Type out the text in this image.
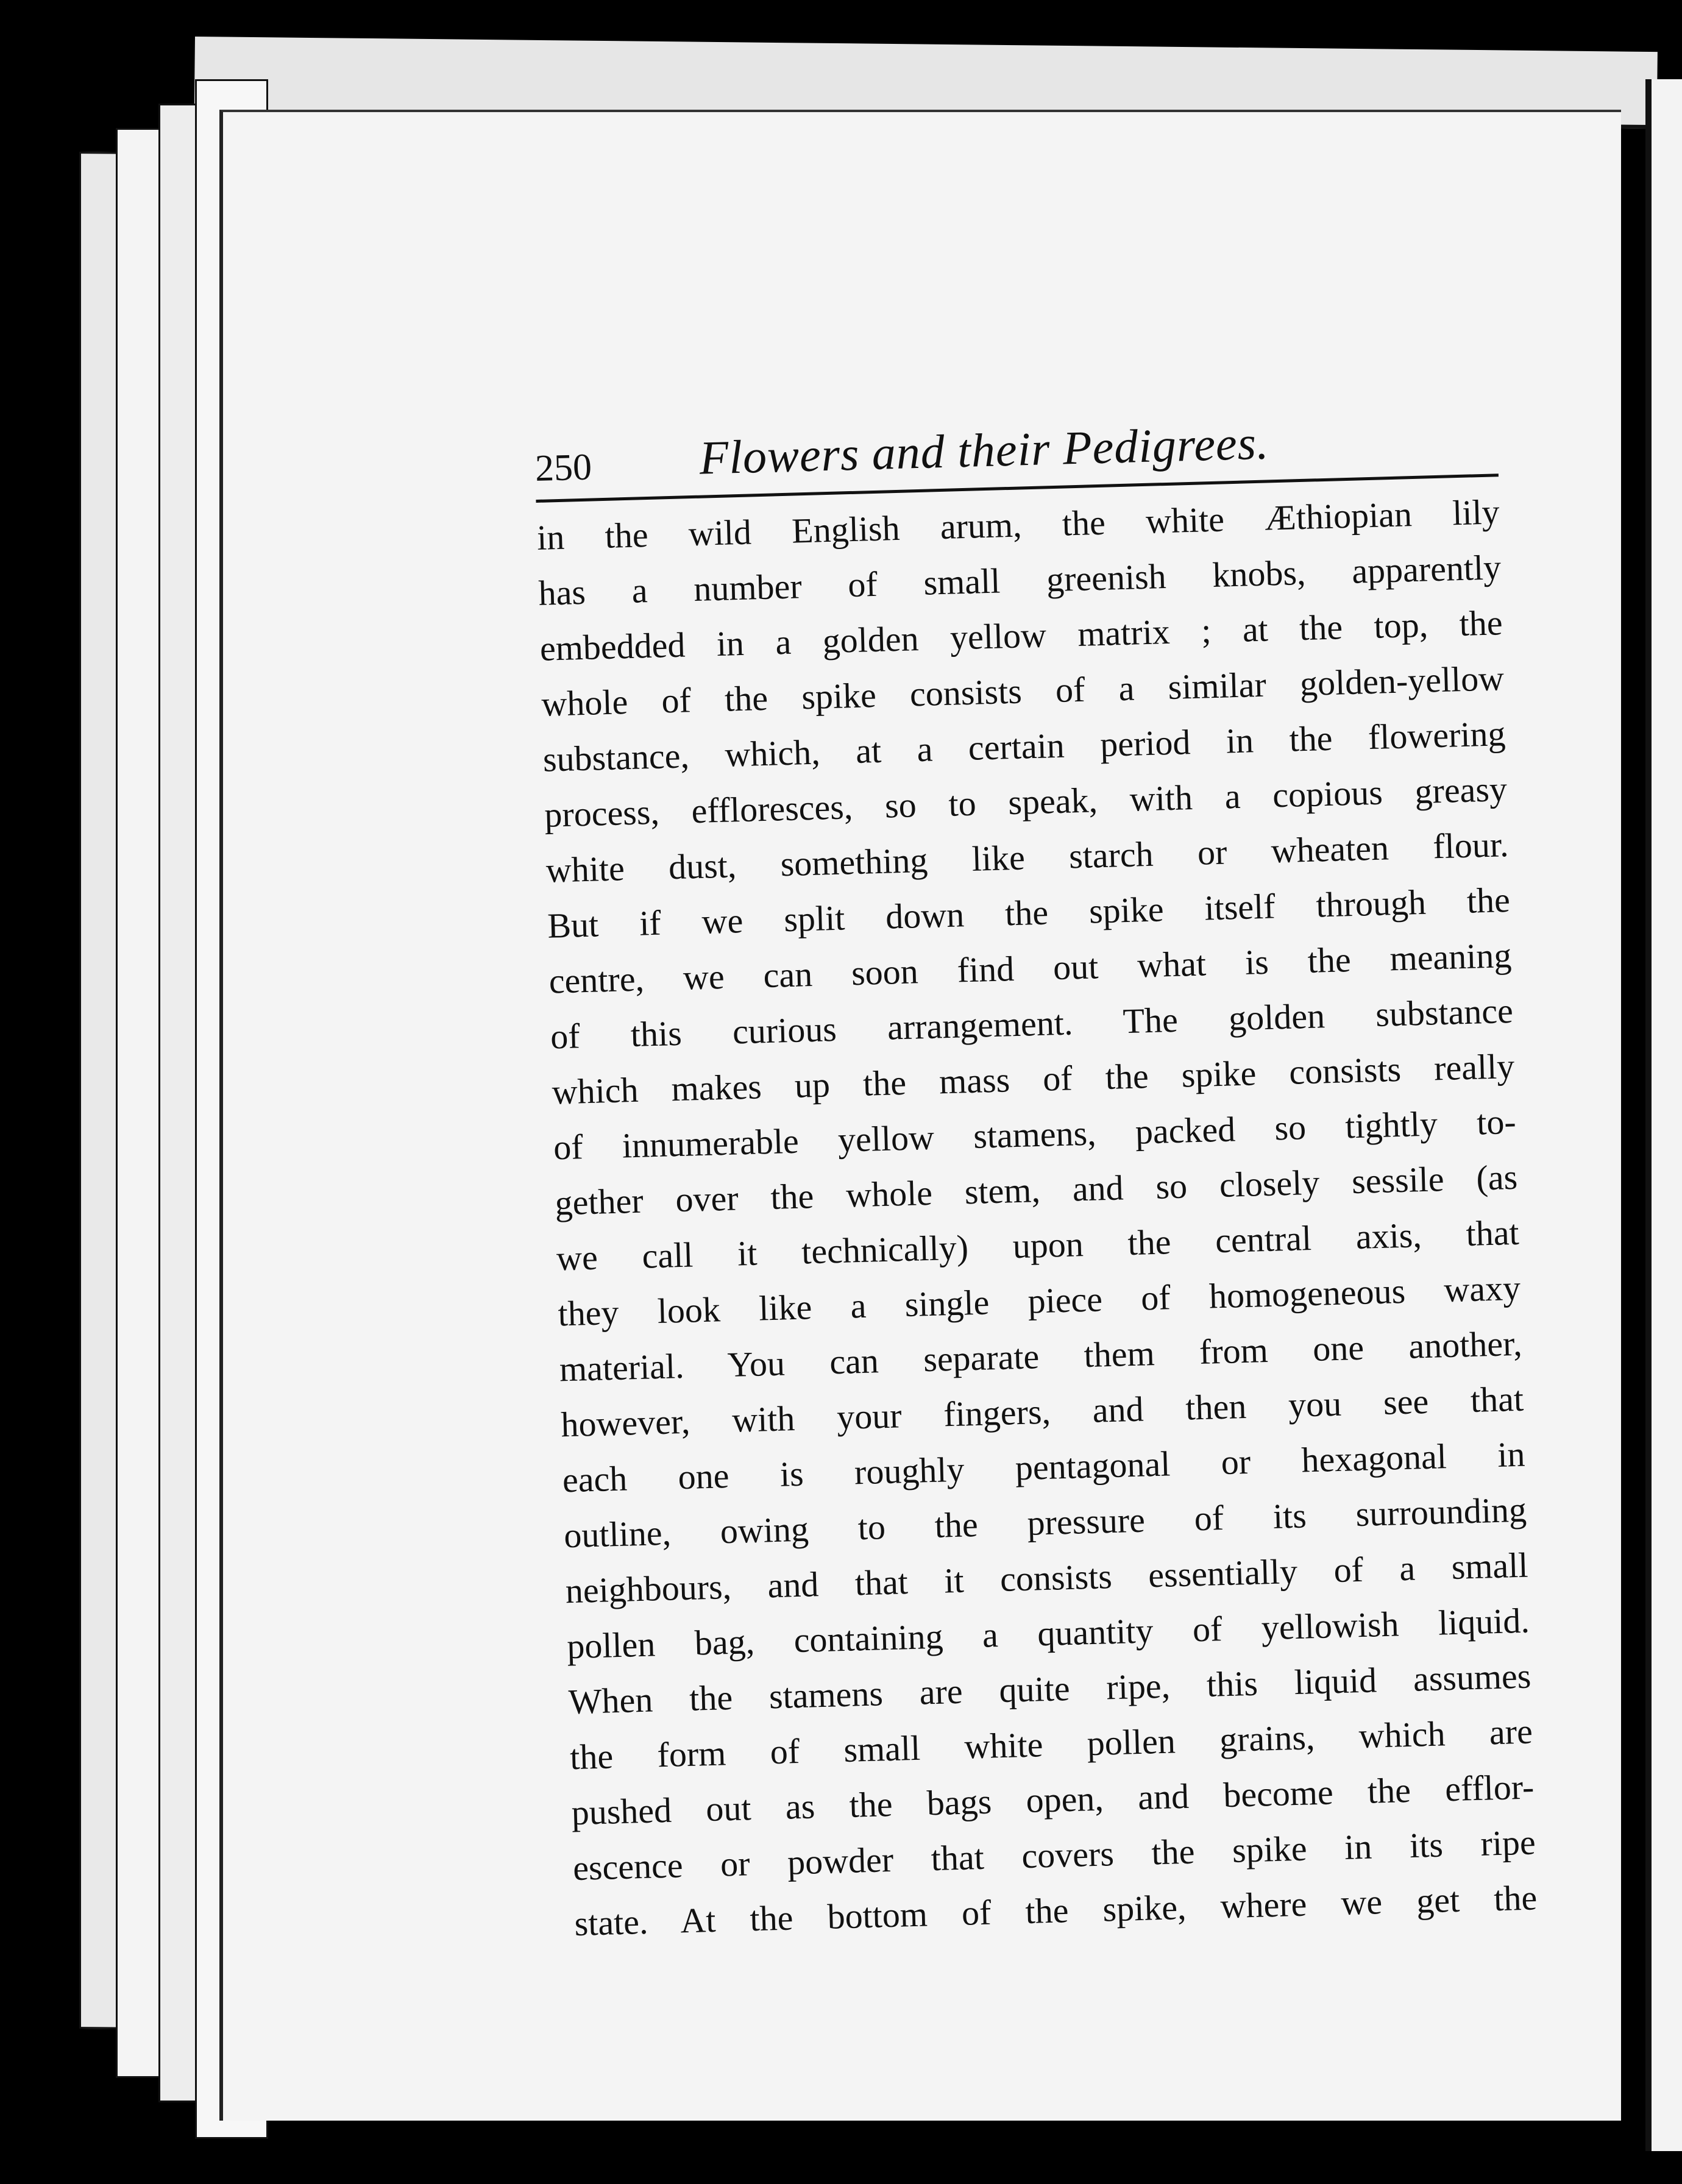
250 Flowers and their Pedigrees.
in the wild English arum, the white Æthiopian lily
has a number of small greenish knobs, apparently
embedded in a golden yellow matrix ; at the top, the
whole of the spike consists of a similar golden-yellow
substance, which, at a certain period in the flowering
process, effloresces, so to speak, with a copious greasy
white dust, something like starch or wheaten flour.
But if we split down the spike itself through the
centre, we can soon find out what is the meaning
of this curious arrangement. The golden substance
which makes up the mass of the spike consists really
of innumerable yellow stamens, packed so tightly to-
gether over the whole stem, and so closely sessile (as
we call it technically) upon the central axis, that
they look like a single piece of homogeneous waxy
material. You can separate them from one another,
however, with your fingers, and then you see that
each one is roughly pentagonal or hexagonal in
outline, owing to the pressure of its surrounding
neighbours, and that it consists essentially of a small
pollen bag, containing a quantity of yellowish liquid.
When the stamens are quite ripe, this liquid assumes
the form of small white pollen grains, which are
pushed out as the bags open, and become the efflor-
escence or powder that covers the spike in its ripe
state. At the bottom of the spike, where we get the
